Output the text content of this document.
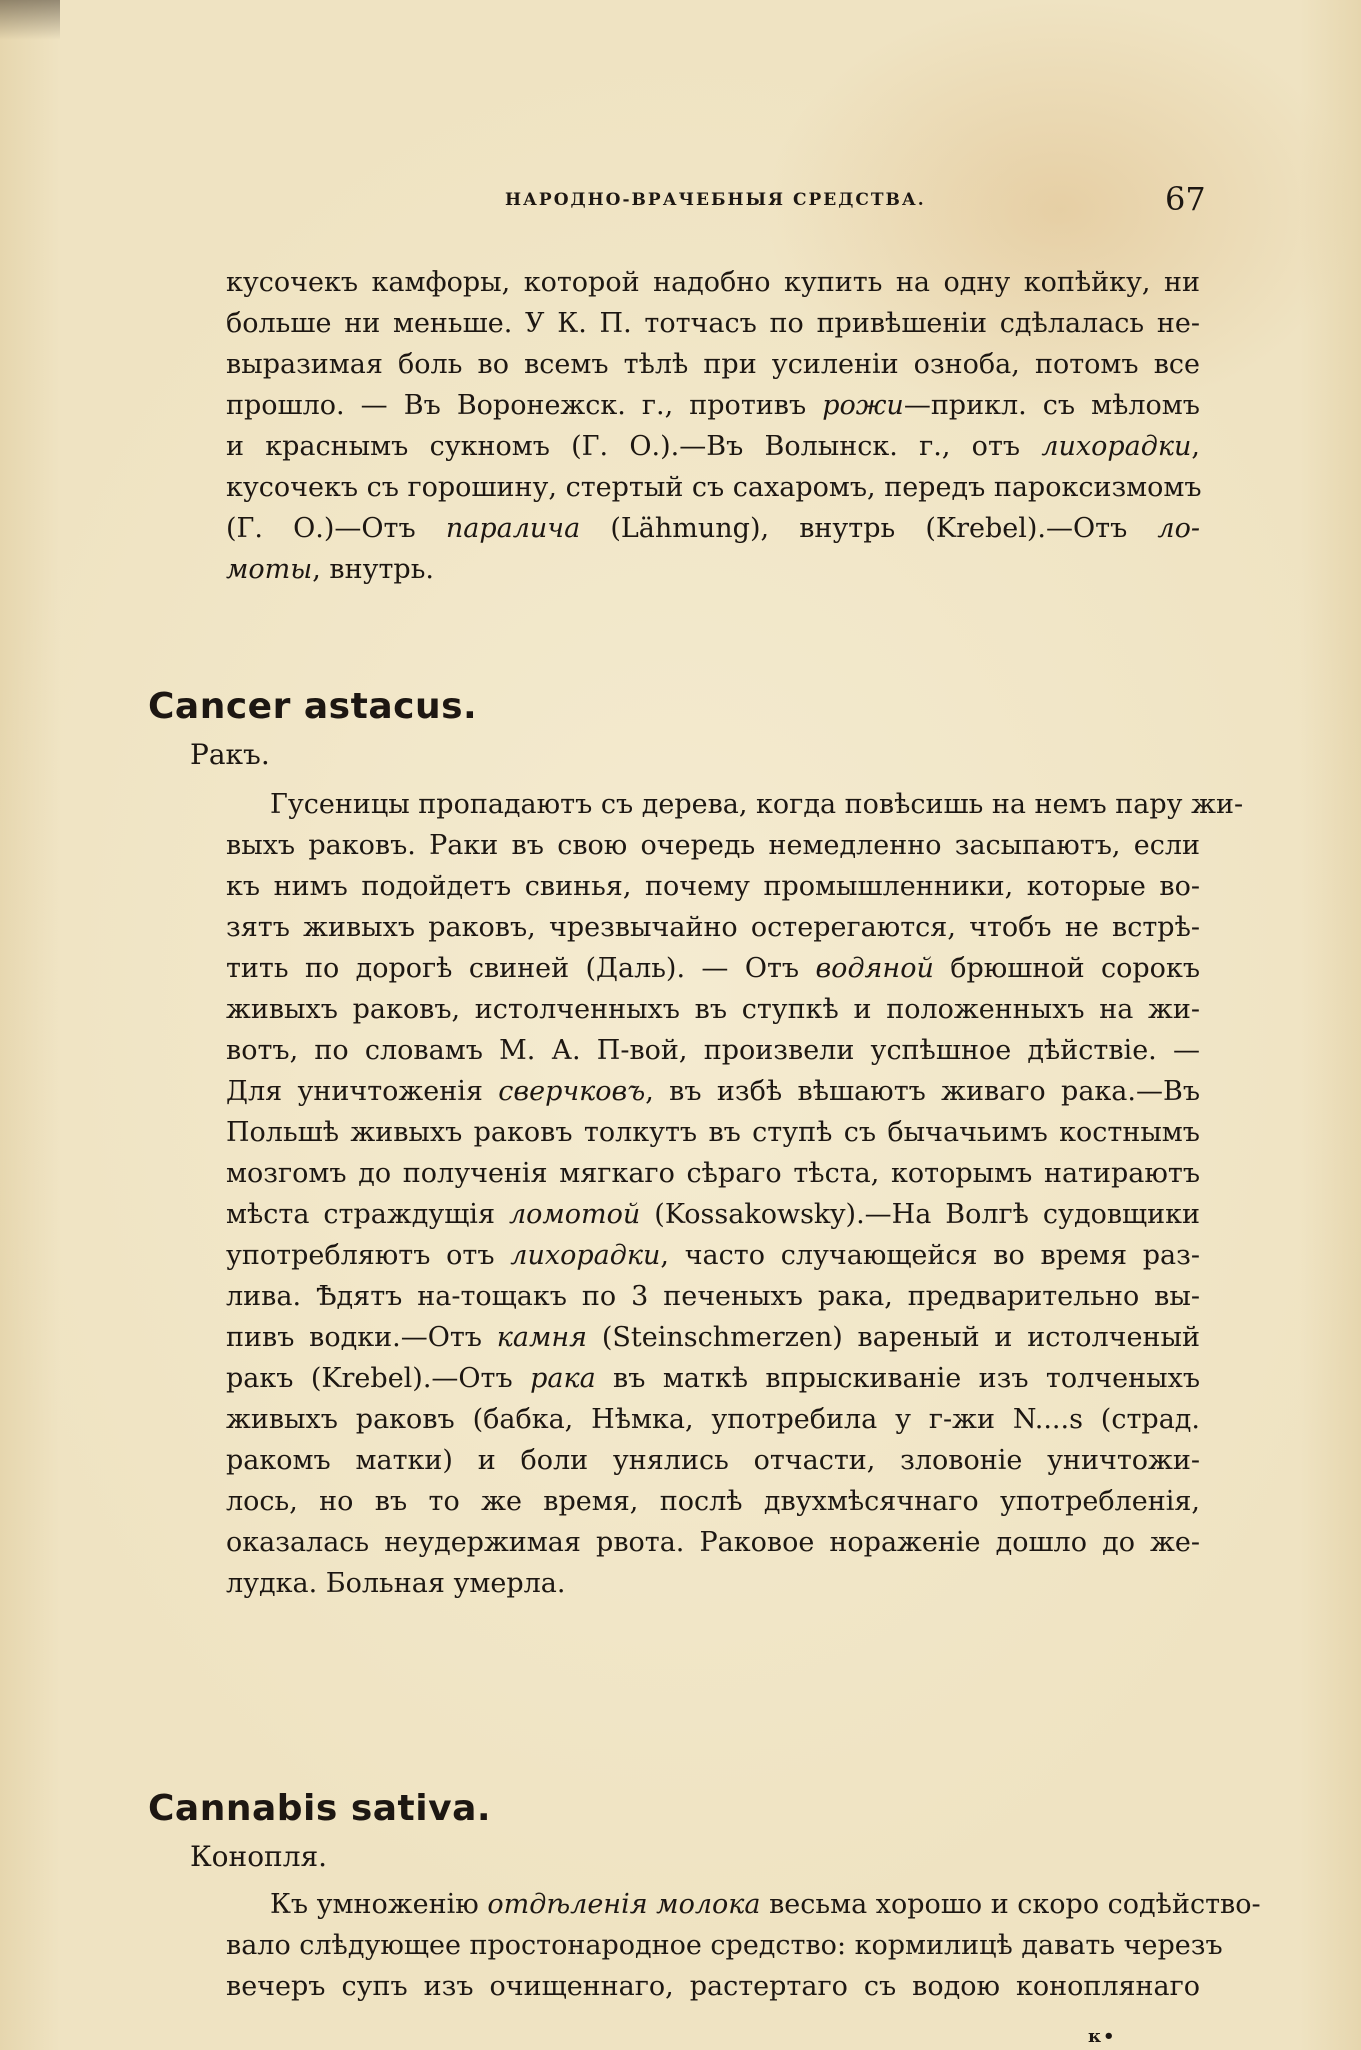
НАРОДНО-ВРАЧЕБНЫЯ СРЕДСТВА.	67
кусочекъ камфоры, которой надобно купить на одну копѣйку, ни
больше ни меньше. У К. П. тотчасъ по привѣшеніи сдѣлалась не-
выразимая боль во всемъ тѣлѣ при усиленіи озноба, потомъ все
прошло. — Въ Воронежск. г., противъ рожи—прикл. съ мѣломъ
и краснымъ сукномъ (Г. О.).—Въ Волынск. г., отъ лихорадки,
кусочекъ съ горошину, стертый съ сахаромъ, передъ пароксизмомъ
(Г. О.)—Отъ паралича (Lähmung), внутрь (Krebel).—Отъ ло-
моты, внутрь.
Cancer astacus.
Ракъ.
Гусеницы пропадаютъ съ дерева, когда повѣсишь на немъ пару жи-
выхъ раковъ. Раки въ свою очередь немедленно засыпаютъ, если
къ нимъ подойдетъ свинья, почему промышленники, которые во-
зятъ живыхъ раковъ, чрезвычайно остерегаются, чтобъ не встрѣ-
тить по дорогѣ свиней (Даль). — Отъ водяной брюшной сорокъ
живыхъ раковъ, истолченныхъ въ ступкѣ и положенныхъ на жи-
вотъ, по словамъ М. А. П-вой, произвели успѣшное дѣйствіе. —
Для уничтоженія сверчковъ, въ избѣ вѣшаютъ живаго рака.—Въ
Польшѣ живыхъ раковъ толкутъ въ ступѣ съ бычачьимъ костнымъ
мозгомъ до полученія мягкаго сѣраго тѣста, которымъ натираютъ
мѣста страждущія ломотой (Kossakowsky).—На Волгѣ судовщики
употребляютъ отъ лихорадки, часто случающейся во время раз-
лива. Ѣдятъ на-тощакъ по 3 печеныхъ рака, предварительно вы-
пивъ водки.—Отъ камня (Steinschmerzen) вареный и истолченый
ракъ (Krebel).—Отъ рака въ маткѣ впрыскиваніе изъ толченыхъ
живыхъ раковъ (бабка, Нѣмка, употребила у г-жи N....s (страд.
ракомъ матки) и боли унялись отчасти, зловоніе уничтожи-
лось, но въ то же время, послѣ двухмѣсячнаго употребленія,
оказалась неудержимая рвота. Раковое нораженіе дошло до же-
лудка. Больная умерла.
Cannabis sativa.
Конопля.
Къ умноженію отдѣленія молока весьма хорошо и скоро содѣйство-
вало слѣдующее простонародное средство: кормилицѣ давать черезъ
вечеръ супъ изъ очищеннаго, растертаго съ водою коноплянаго
к•
